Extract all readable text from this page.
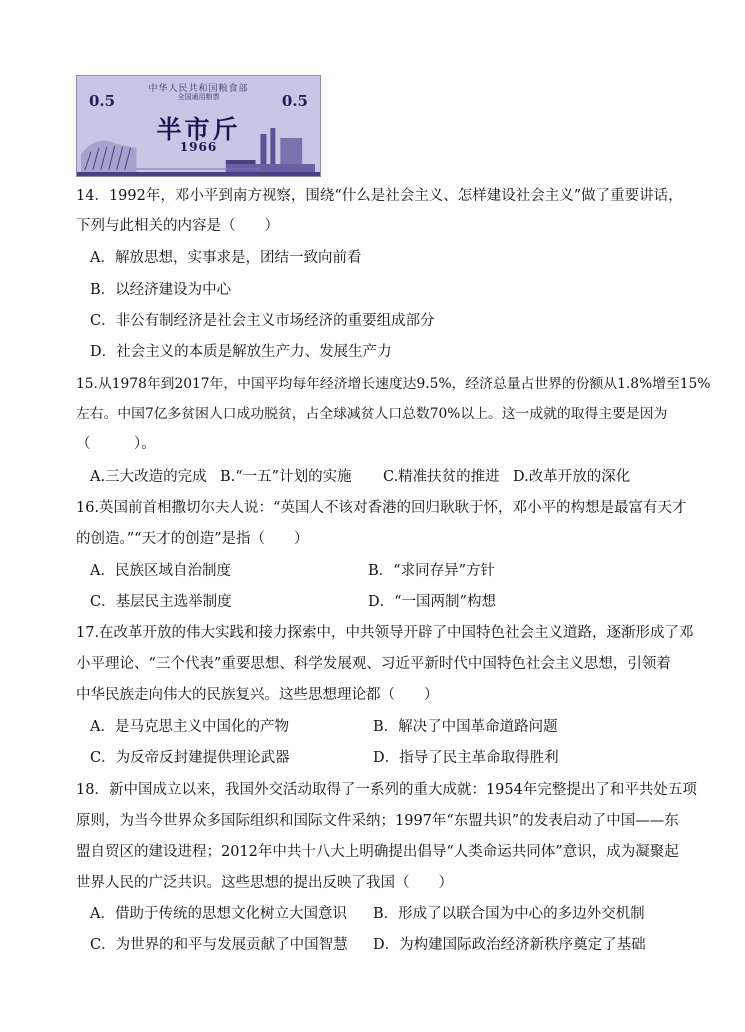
中华人民共和国粮食部
全国通用粮票
0.5	0.5
半市斤
1966
14．1992年，邓小平到南方视察，围绕“什么是社会主义、怎样建设社会主义”做了重要讲话，
下列与此相关的内容是（　　）
A．解放思想，实事求是，团结一致向前看
B．以经济建设为中心
C．非公有制经济是社会主义市场经济的重要组成部分
D．社会主义的本质是解放生产力、发展生产力
15.从1978年到2017年，中国平均每年经济增长速度达9.5%，经济总量占世界的份额从1.8%增至15%
左右。中国7亿多贫困人口成功脱贫，占全球减贫人口总数70%以上。这一成就的取得主要是因为
（　　　）。
A.三大改造的完成 B.“一五”计划的实施 C.精准扶贫的推进 D.改革开放的深化
16.英国前首相撒切尔夫人说：“英国人不该对香港的回归耿耿于怀，邓小平的构想是最富有天才
的创造。”“天才的创造”是指（　　）
A．民族区域自治制度	B．“求同存异”方针
C．基层民主选举制度	D．“一国两制”构想
17.在改革开放的伟大实践和接力探索中，中共领导开辟了中国特色社会主义道路，逐渐形成了邓
小平理论、“三个代表”重要思想、科学发展观、习近平新时代中国特色社会主义思想，引领着
中华民族走向伟大的民族复兴。这些思想理论都（　　）
A．是马克思主义中国化的产物	B．解决了中国革命道路问题
C．为反帝反封建提供理论武器	D．指导了民主革命取得胜利
18．新中国成立以来，我国外交活动取得了一系列的重大成就：1954年完整提出了和平共处五项
原则，为当今世界众多国际组织和国际文件采纳；1997年“东盟共识”的发表启动了中国——东
盟自贸区的建设进程；2012年中共十八大上明确提出倡导“人类命运共同体”意识，成为凝聚起
世界人民的广泛共识。这些思想的提出反映了我国（　　）
A．借助于传统的思想文化树立大国意识 B．形成了以联合国为中心的多边外交机制
C．为世界的和平与发展贡献了中国智慧 D．为构建国际政治经济新秩序奠定了基础
